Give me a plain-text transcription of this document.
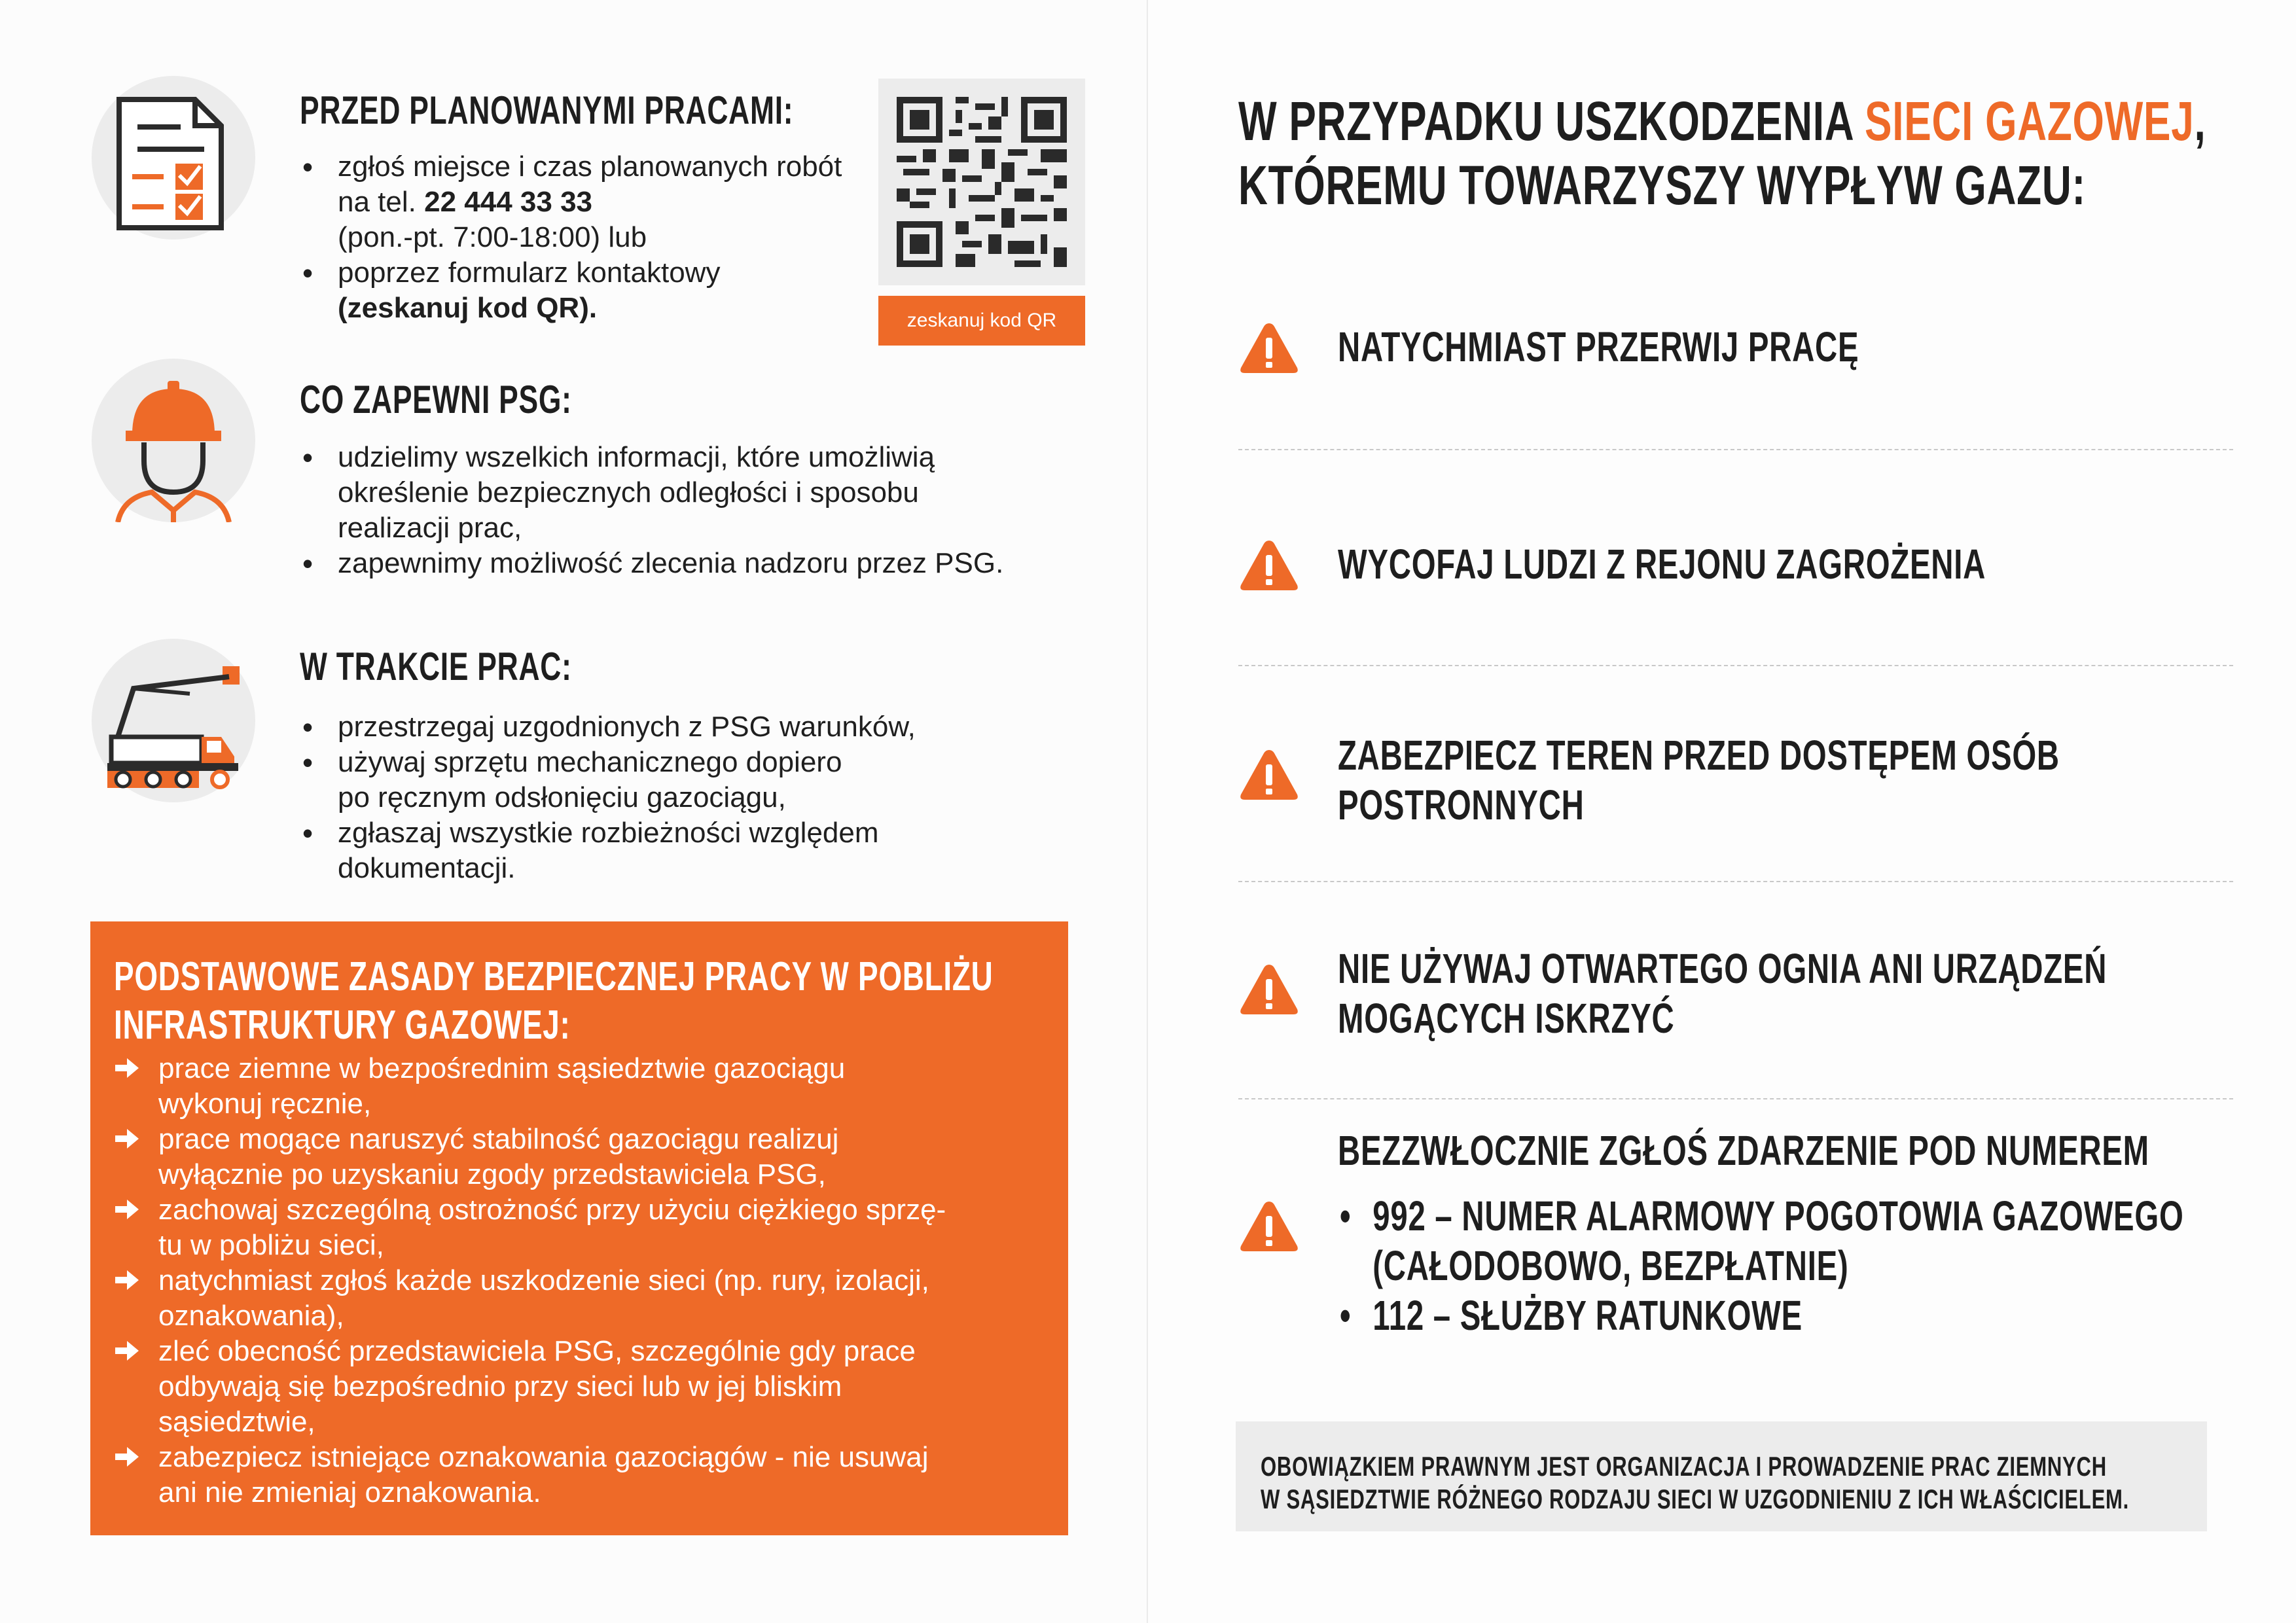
PRZED PLANOWANYMI PRACAMI:
• zgłoś miejsce i czas planowanych robót
na tel. 22 444 33 33
(pon.-pt. 7:00-18:00) lub
• poprzez formularz kontaktowy
(zeskanuj kod QR).	zeskanuj kod QR
CO ZAPEWNI PSG:
• udzielimy wszelkich informacji, które umożliwią
określenie bezpiecznych odległości i sposobu
realizacji prac,
• zapewnimy możliwość zlecenia nadzoru przez PSG.
W TRAKCIE PRAC:
• przestrzegaj uzgodnionych z PSG warunków,
• używaj sprzętu mechanicznego dopiero
po ręcznym odsłonięciu gazociągu,
• zgłaszaj wszystkie rozbieżności względem
dokumentacji.
PODSTAWOWE ZASADY BEZPIECZNEJ PRACY W POBLIŻU
INFRASTRUKTURY GAZOWEJ:
prace ziemne w bezpośrednim sąsiedztwie gazociągu
wykonuj ręcznie,
prace mogące naruszyć stabilność gazociągu realizuj
wyłącznie po uzyskaniu zgody przedstawiciela PSG,
zachowaj szczególną ostrożność przy użyciu ciężkiego sprzę-
tu w pobliżu sieci,
natychmiast zgłoś każde uszkodzenie sieci (np. rury, izolacji,
oznakowania),
zleć obecność przedstawiciela PSG, szczególnie gdy prace
odbywają się bezpośrednio przy sieci lub w jej bliskim
sąsiedztwie,
zabezpiecz istniejące oznakowania gazociągów - nie usuwaj
ani nie zmieniaj oznakowania.
W PRZYPADKU USZKODZENIA SIECI GAZOWEJ,
KTÓREMU TOWARZYSZY WYPŁYW GAZU:
NATYCHMIAST PRZERWIJ PRACĘ
WYCOFAJ LUDZI Z REJONU ZAGROŻENIA
ZABEZPIECZ TEREN PRZED DOSTĘPEM OSÓB
POSTRONNYCH
NIE UŻYWAJ OTWARTEGO OGNIA ANI URZĄDZEŃ
MOGĄCYCH ISKRZYĆ
BEZZWŁOCZNIE ZGŁOŚ ZDARZENIE POD NUMEREM
• 992 – NUMER ALARMOWY POGOTOWIA GAZOWEGO
(CAŁODOBOWO, BEZPŁATNIE)
• 112 – SŁUŻBY RATUNKOWE
OBOWIĄZKIEM PRAWNYM JEST ORGANIZACJA I PROWADZENIE PRAC ZIEMNYCH
W SĄSIEDZTWIE RÓŻNEGO RODZAJU SIECI W UZGODNIENIU Z ICH WŁAŚCICIELEM.
